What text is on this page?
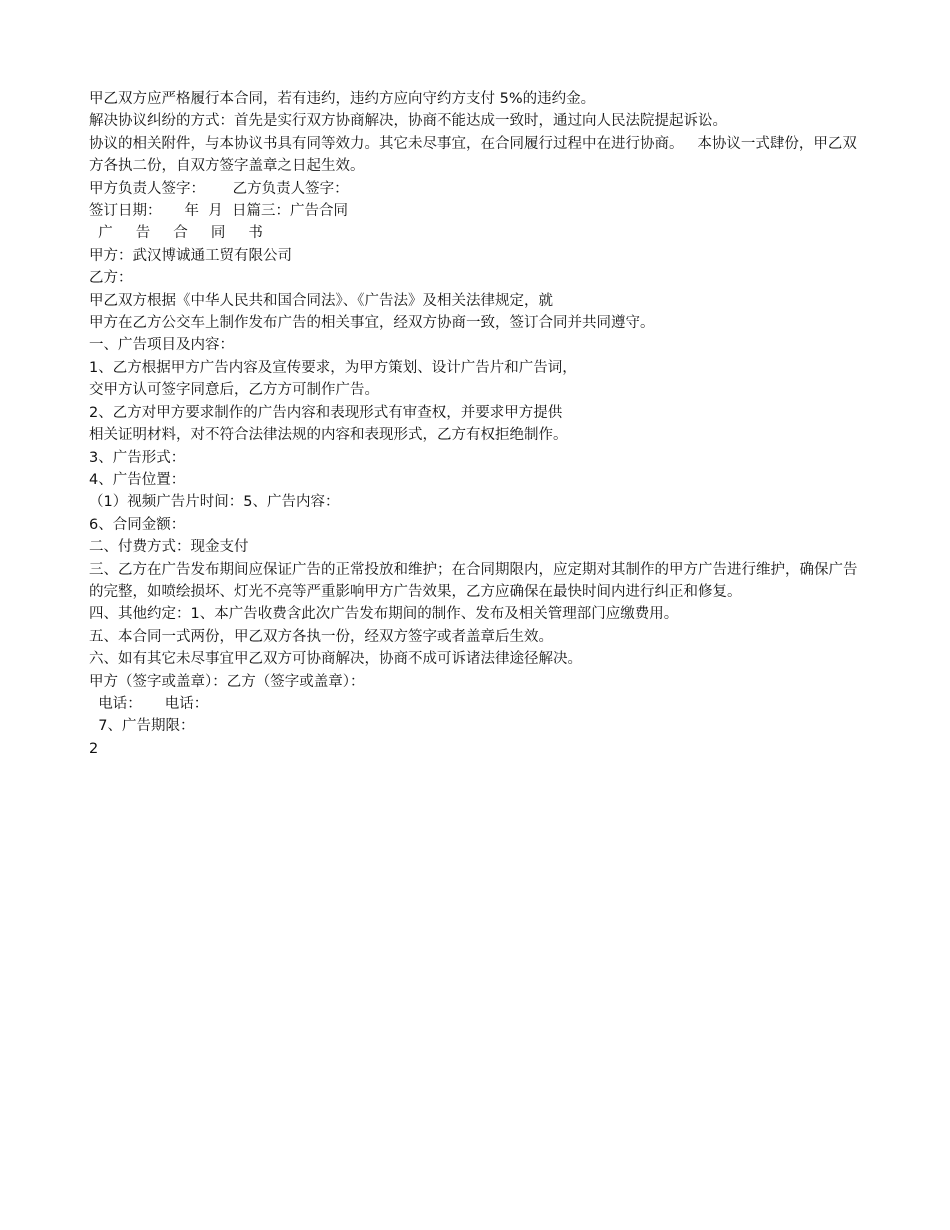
甲乙双方应严格履行本合同，若有违约，违约方应向守约方支付 5%的违约金。

解决协议纠纷的方式：首先是实行双方协商解决，协商不能达成一致时，通过向人民法院提起诉讼。

协议的相关附件，与本协议书具有同等效力。其它未尽事宜，在合同履行过程中在进行协商。   本协议一式肆份，甲乙双方各执二份，自双方签字盖章之日起生效。

甲方负责人签字：      乙方负责人签字：

签订日期：     年  月  日篇三：广告合同

广     告     合     同     书

甲方：武汉博诚通工贸有限公司

乙方：

甲乙双方根据《中华人民共和国合同法》、《广告法》及相关法律规定，就

甲方在乙方公交车上制作发布广告的相关事宜，经双方协商一致，签订合同并共同遵守。

一、广告项目及内容：

1、乙方根据甲方广告内容及宣传要求，为甲方策划、设计广告片和广告词，

交甲方认可签字同意后，乙方方可制作广告。

2、乙方对甲方要求制作的广告内容和表现形式有审查权，并要求甲方提供

相关证明材料，对不符合法律法规的内容和表现形式，乙方有权拒绝制作。

3、广告形式：

4、广告位置：

（1）视频广告片时间：5、广告内容：

6、合同金额：

二、付费方式：现金支付

三、乙方在广告发布期间应保证广告的正常投放和维护；在合同期限内，应定期对其制作的甲方广告进行维护，确保广告的完整，如喷绘损坏、灯光不亮等严重影响甲方广告效果，乙方应确保在最快时间内进行纠正和修复。

四、其他约定：1、本广告收费含此次广告发布期间的制作、发布及相关管理部门应缴费用。

五、本合同一式两份，甲乙双方各执一份，经双方签字或者盖章后生效。

六、如有其它未尽事宜甲乙双方可协商解决，协商不成可诉诸法律途径解决。

甲方（签字或盖章）：乙方（签字或盖章）：

电话：     电话：

7、广告期限：

2
